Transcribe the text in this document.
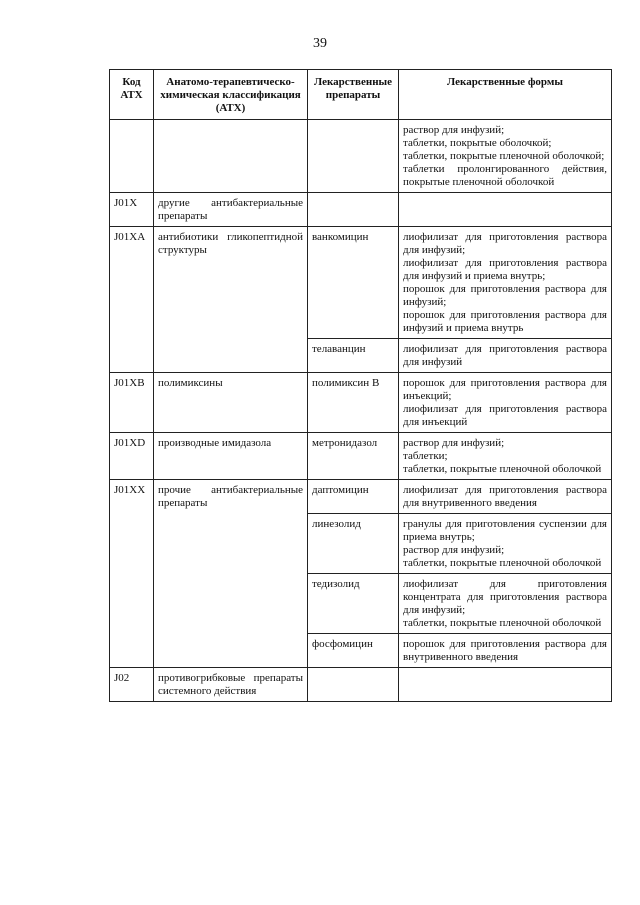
39
Код АТХ	Анатомо-терапевтическо-химическая классификация (АТХ)	Лекарственные препараты	Лекарственные формы

			раствор для инфузий;
таблетки, покрытые оболочкой;
таблетки, покрытые пленочной оболочкой;
таблетки пролонгированного действия, покрытые пленочной оболочкой

J01X	другие антибактериальные препараты		
J01XA	антибиотики гликопептидной структуры	ванкомицин	лиофилизат для приготовления раствора для инфузий;
лиофилизат для приготовления раствора для инфузий и приема внутрь;
порошок для приготовления раствора для инфузий;
порошок для приготовления раствора для инфузий и приема внутрь

		телаванцин	лиофилизат для приготовления раствора для инфузий

J01XB	полимиксины	полимиксин В	порошок для приготовления раствора для инъекций;
лиофилизат для приготовления раствора для инъекций

J01XD	производные имидазола	метронидазол	раствор для инфузий;
таблетки;
таблетки, покрытые пленочной оболочкой

J01XX	прочие антибактериальные препараты	даптомицин	лиофилизат для приготовления раствора для внутривенного введения

		линезолид	гранулы для приготовления суспензии для приема внутрь;
раствор для инфузий;
таблетки, покрытые пленочной оболочкой

		тедизолид	лиофилизат для приготовления концентрата для приготовления раствора для инфузий;
таблетки, покрытые пленочной оболочкой

		фосфомицин	порошок для приготовления раствора для внутривенного введения

J02	противогрибковые препараты системного действия		
